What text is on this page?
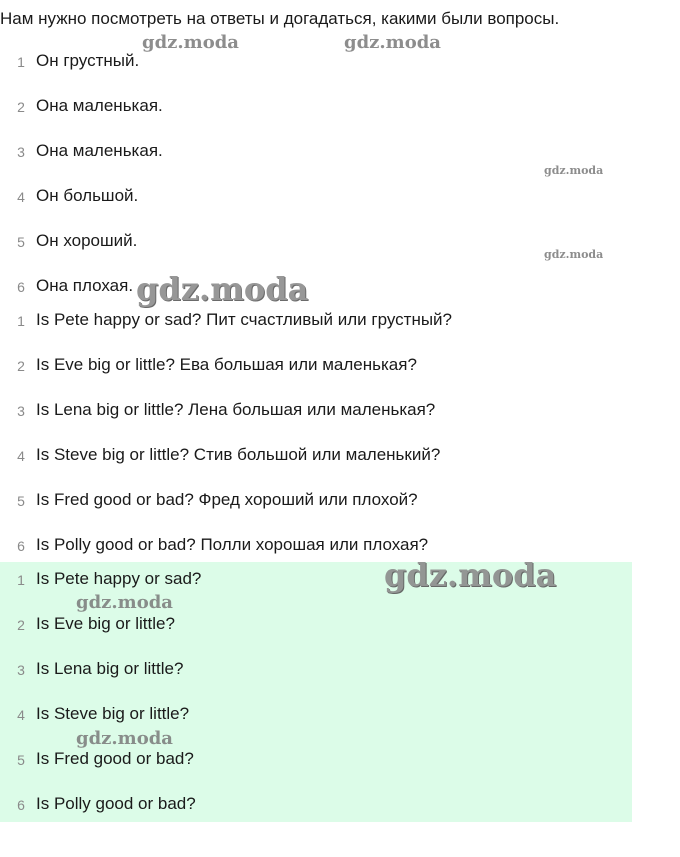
Нам нужно посмотреть на ответы и догадаться, какими были вопросы.
1 Он грустный.
2 Она маленькая.
3 Она маленькая.
4 Он большой.
5 Он хороший.
6 Она плохая.
1 Is Pete happy or sad? Пит счастливый или грустный?
2 Is Eve big or little? Ева большая или маленькая?
3 Is Lena big or little? Лена большая или маленькая?
4 Is Steve big or little? Стив большой или маленький?
5 Is Fred good or bad? Фред хороший или плохой?
6 Is Polly good or bad? Полли хорошая или плохая?
1 Is Pete happy or sad?
2 Is Eve big or little?
3 Is Lena big or little?
4 Is Steve big or little?
5 Is Fred good or bad?
6 Is Polly good or bad?
gdz.moda	gdz.moda
gdz.moda
gdz.moda
gdz.moda
gdz.moda
gdz.moda
gdz.moda
